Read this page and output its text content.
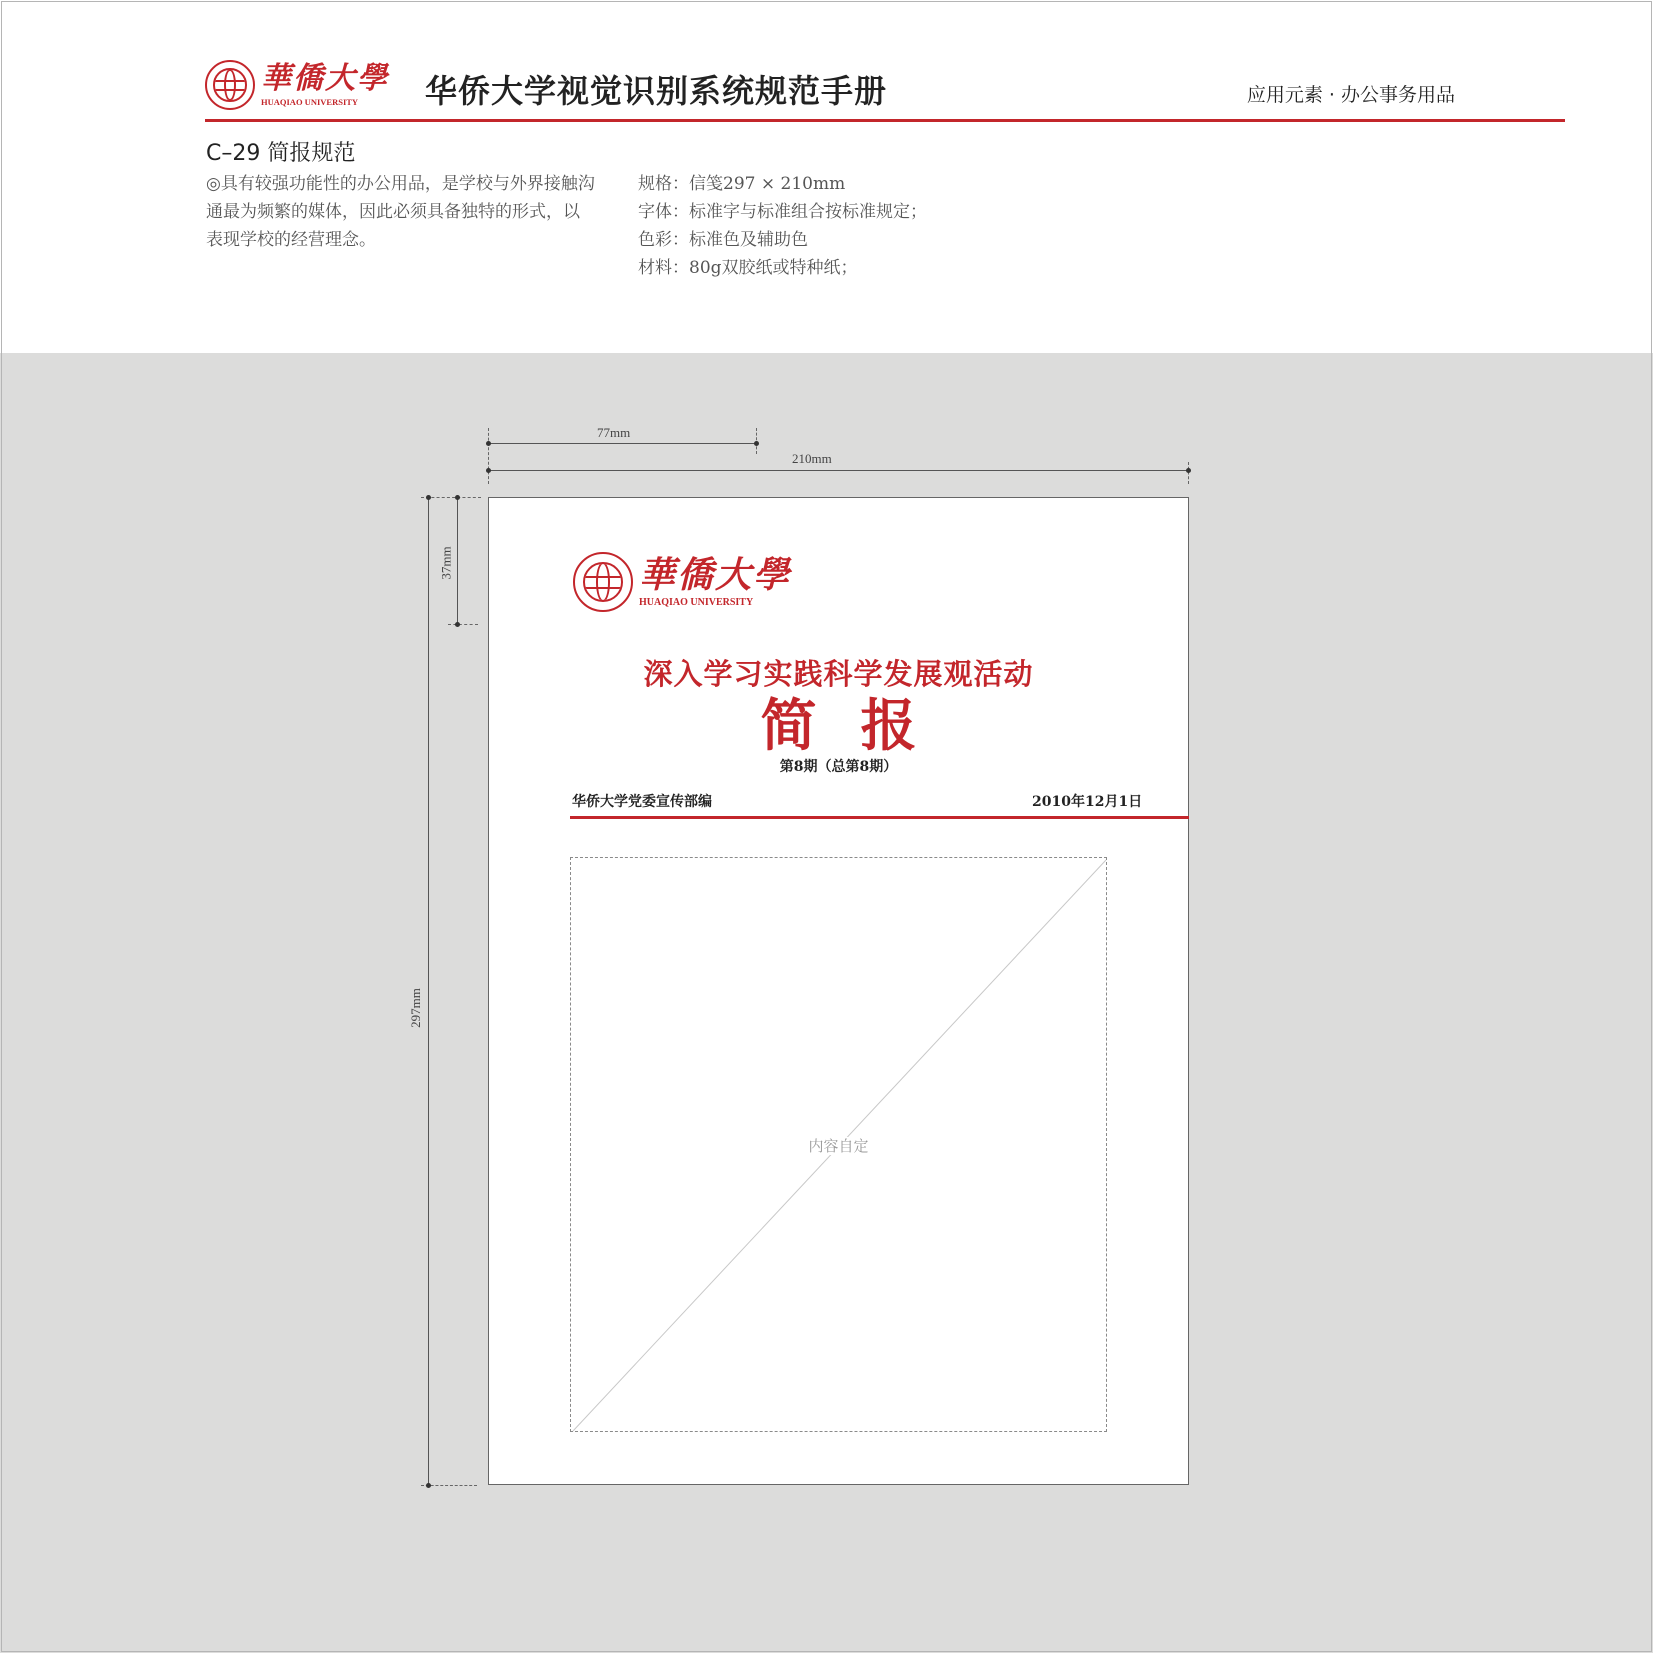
華僑大學
HUAQIAO UNIVERSITY	华侨大学视觉识别系统规范手册	应用元素 · 办公事务用品
C–29 简报规范
◎具有较强功能性的办公用品，是学校与外界接触沟通最为频繁的媒体，因此必须具备独特的形式，以表现学校的经营理念。
规格：信笺297 × 210mm
字体：标准字与标准组合按标准规定；
色彩：标准色及辅助色
材料：80g双胶纸或特种纸；
77mm
210mm
37mm
297mm
華僑大學
HUAQIAO UNIVERSITY
深入学习实践科学发展观活动
简报
第8期（总第8期）
华侨大学党委宣传部编	2010年12月1日
内容自定
